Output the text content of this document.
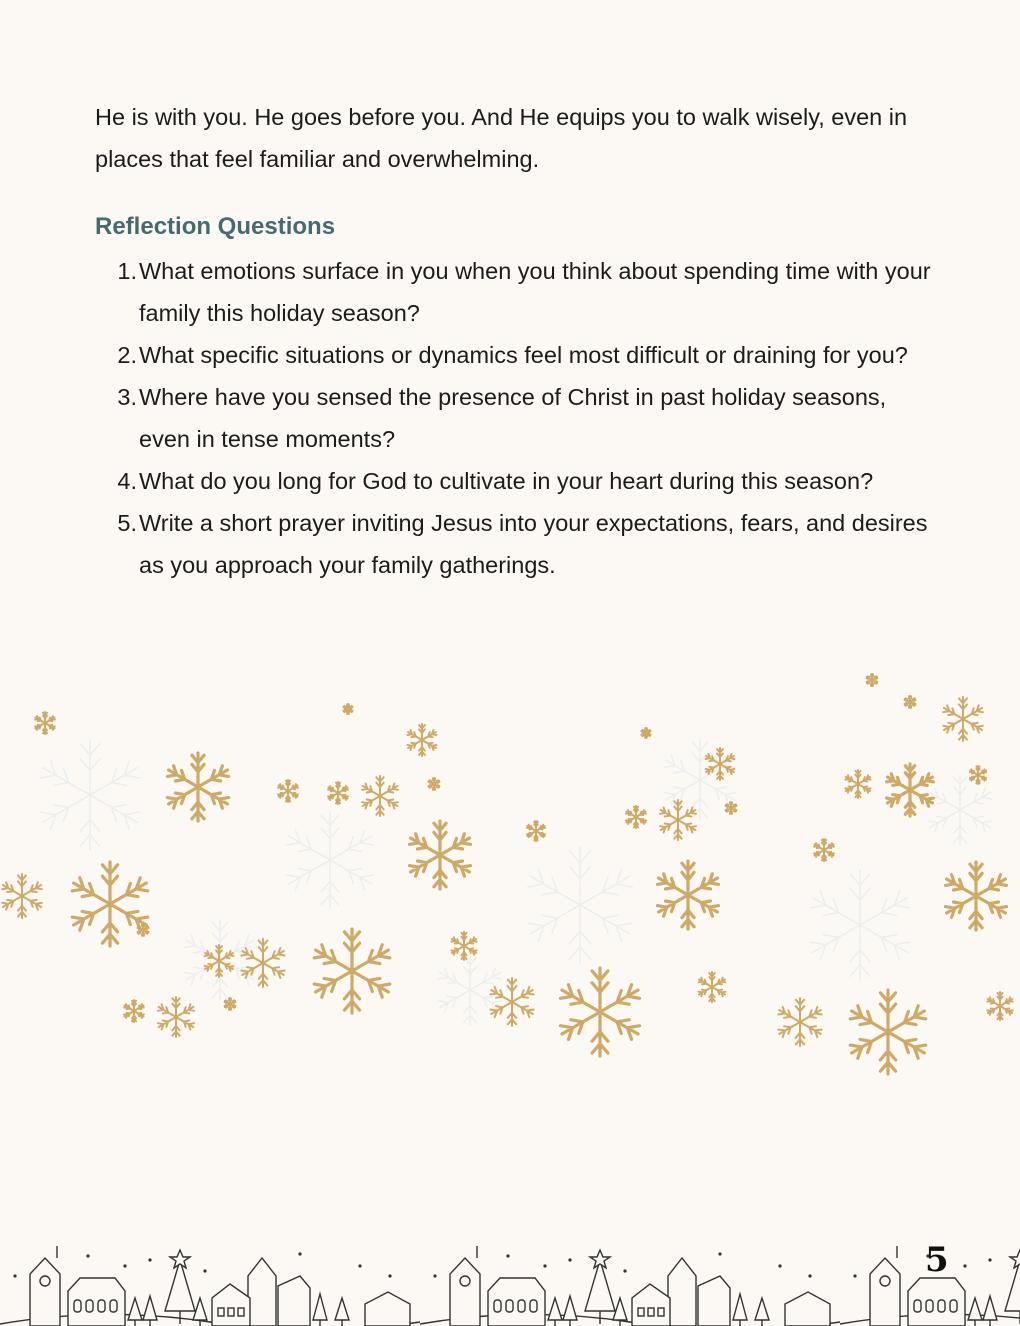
He is with you. He goes before you. And He equips you to walk wisely, even in places that feel familiar and overwhelming.

Reflection Questions
1. What emotions surface in you when you think about spending time with your family this holiday season?
2. What specific situations or dynamics feel most difficult or draining for you?
3. Where have you sensed the presence of Christ in past holiday seasons, even in tense moments?
4. What do you long for God to cultivate in your heart during this season?
5. Write a short prayer inviting Jesus into your expectations, fears, and desires as you approach your family gatherings.
5
